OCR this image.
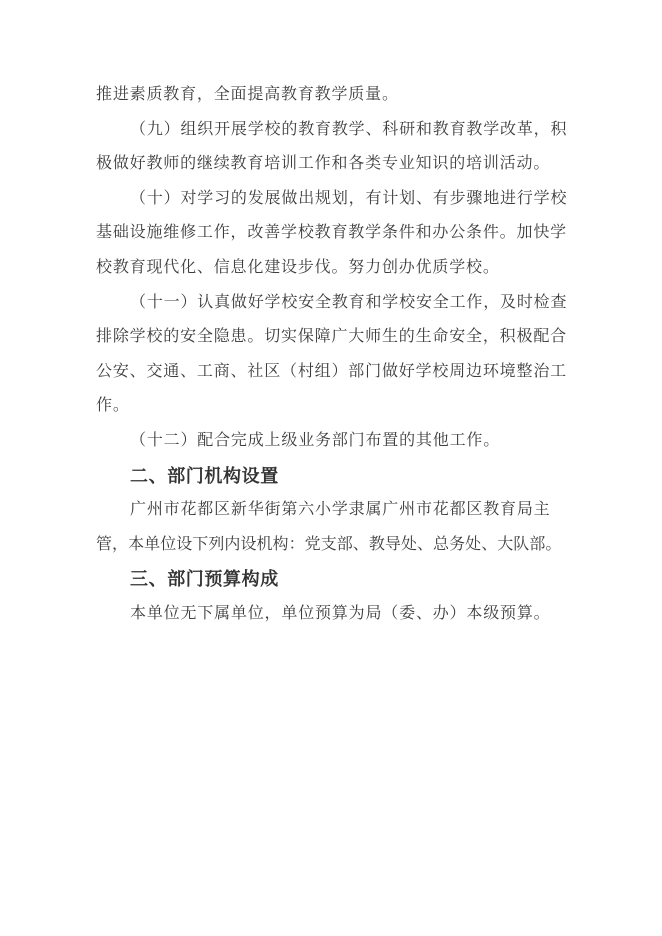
推进素质教育，全面提高教育教学质量。
（九）组织开展学校的教育教学、科研和教育教学改革，积
极做好教师的继续教育培训工作和各类专业知识的培训活动。
（十）对学习的发展做出规划，有计划、有步骤地进行学校
基础设施维修工作，改善学校教育教学条件和办公条件。加快学
校教育现代化、信息化建设步伐。努力创办优质学校。
（十一）认真做好学校安全教育和学校安全工作，及时检查
排除学校的安全隐患。切实保障广大师生的生命安全，积极配合
公安、交通、工商、社区（村组）部门做好学校周边环境整治工
作。
（十二）配合完成上级业务部门布置的其他工作。
二、部门机构设置
广州市花都区新华街第六小学隶属广州市花都区教育局主
管，本单位设下列内设机构：党支部、教导处、总务处、大队部。
三、部门预算构成
本单位无下属单位，单位预算为局（委、办）本级预算。
